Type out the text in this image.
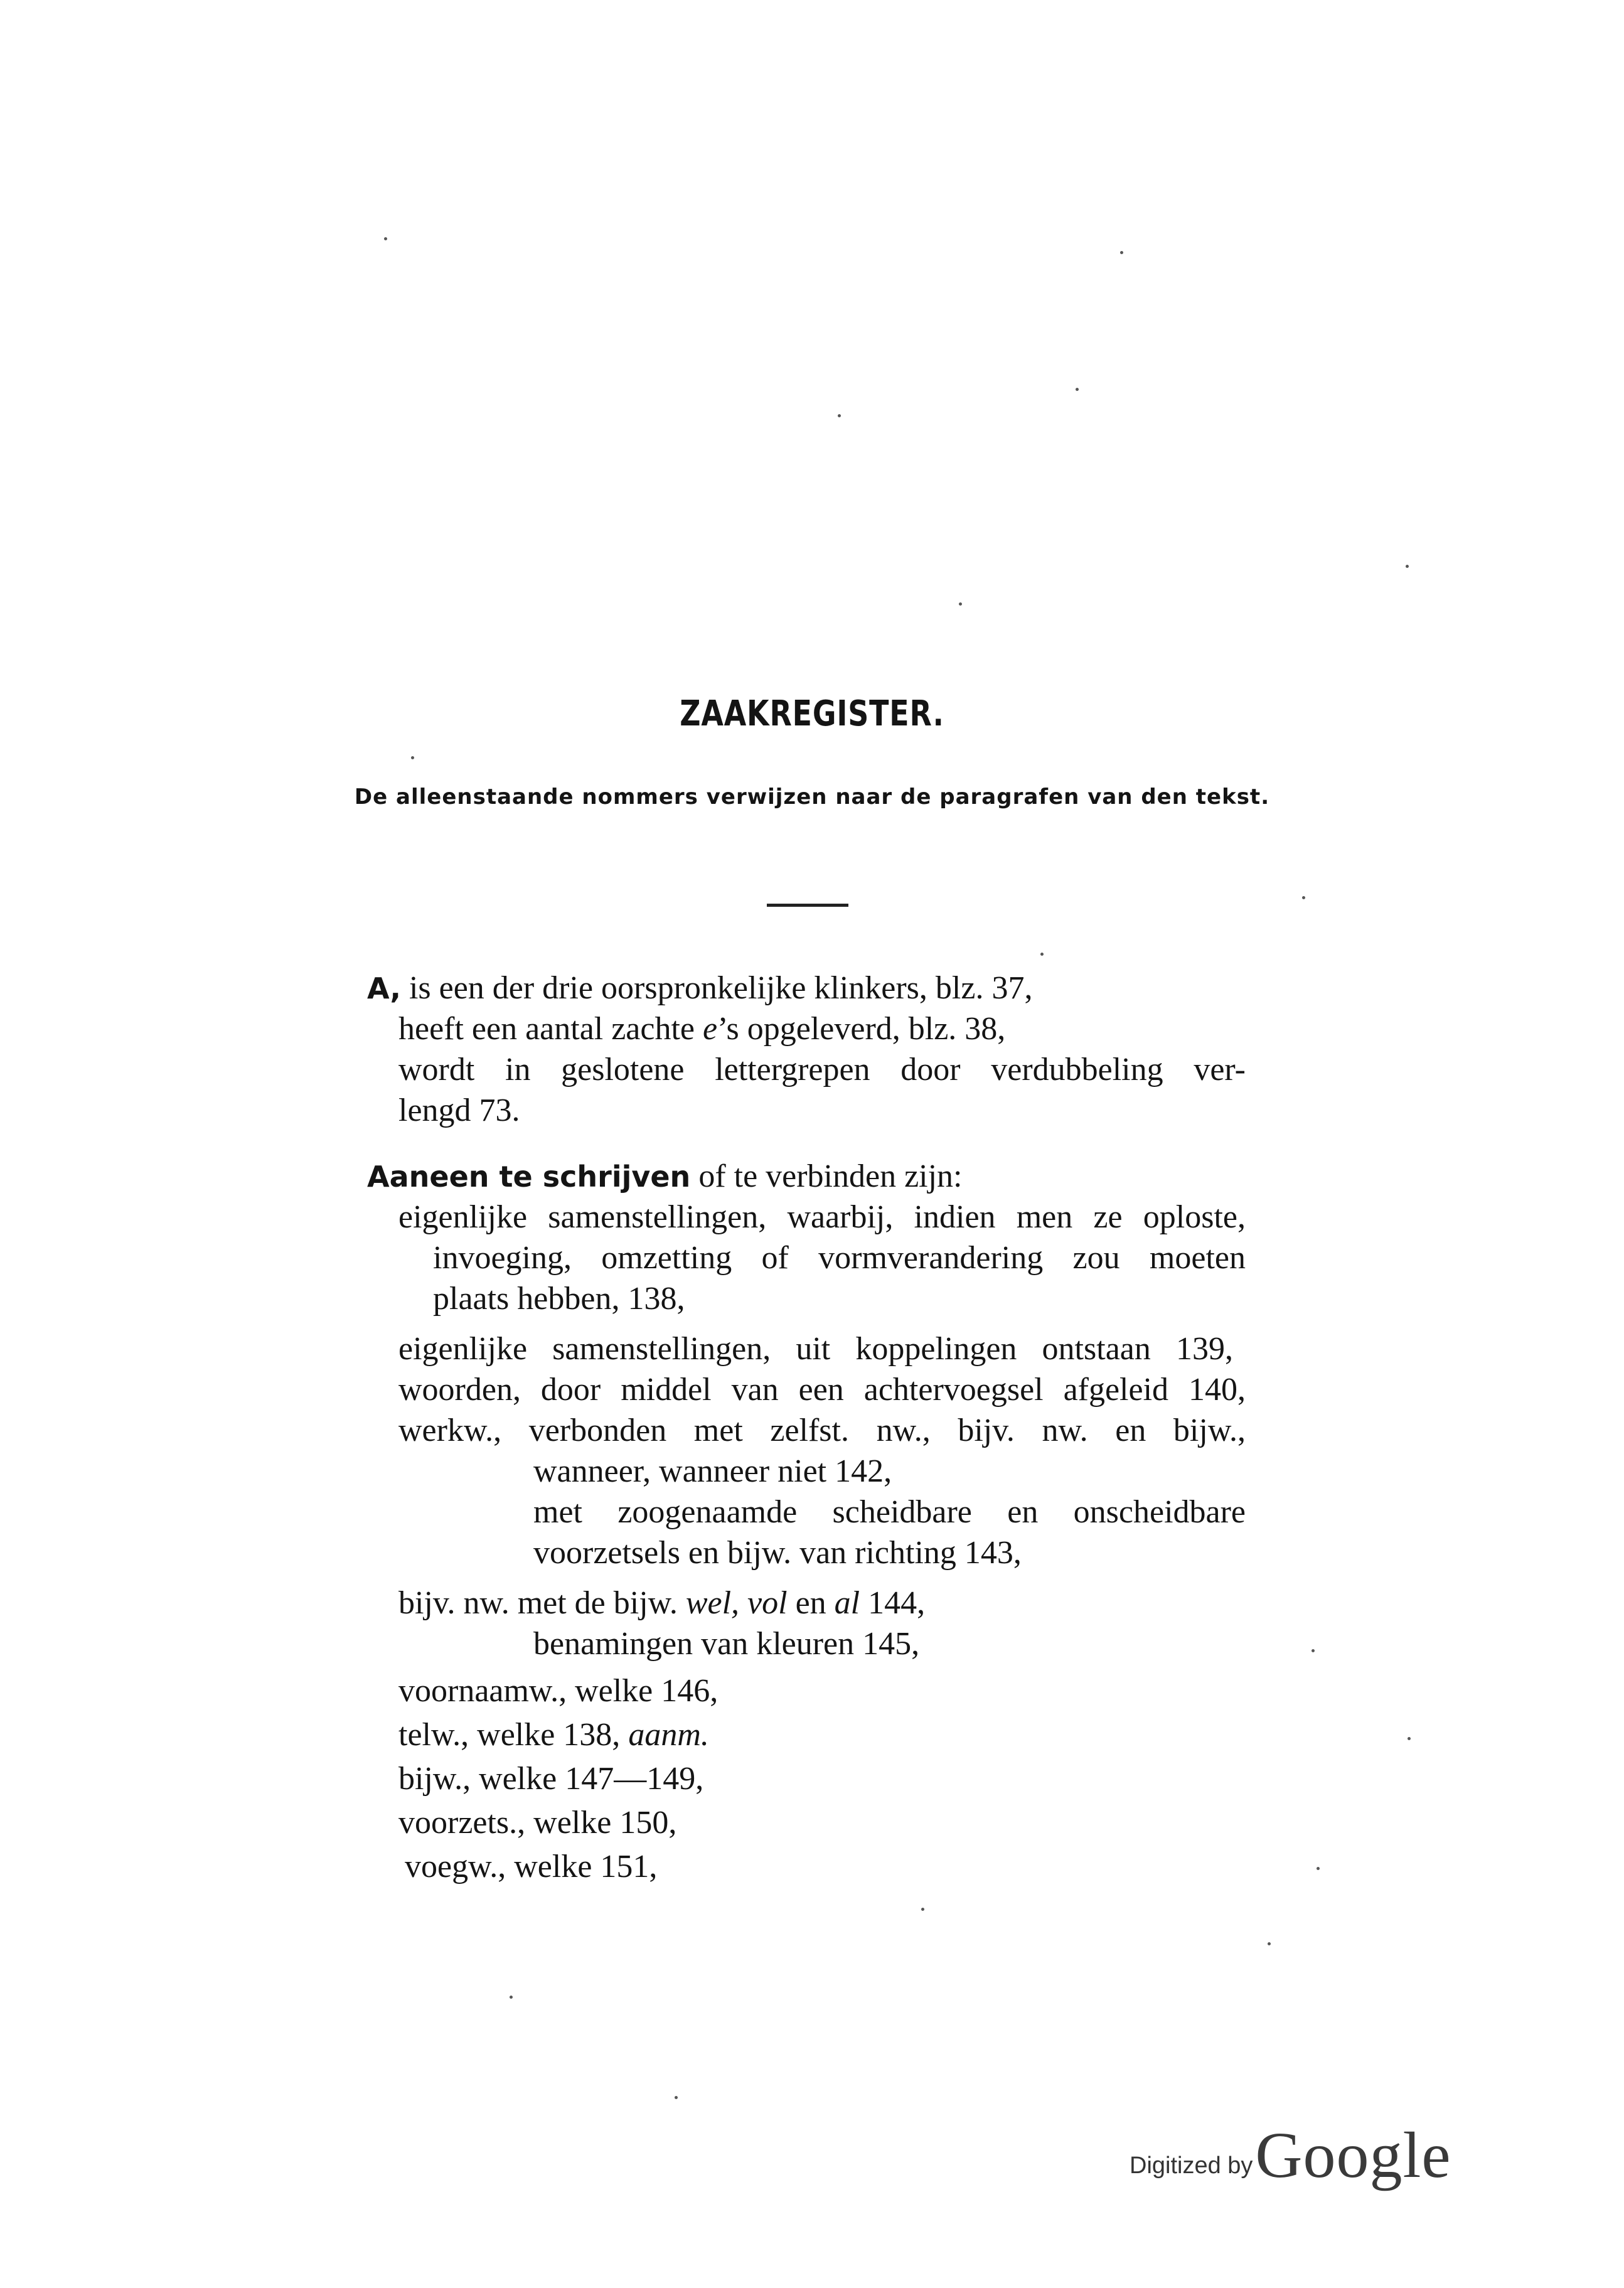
ZAAKREGISTER.
De alleenstaande nommers verwijzen naar de paragrafen van den tekst.
A, is een der drie oorspronkelijke klinkers, blz. 37,
heeft een aantal zachte e’s opgeleverd, blz. 38,
wordt in geslotene lettergrepen door verdubbeling ver-
lengd 73.
Aaneen te schrijven of te verbinden zijn:
eigenlijke samenstellingen, waarbij, indien men ze oploste,
invoeging, omzetting of vormverandering zou moeten
plaats hebben, 138,
eigenlijke samenstellingen, uit koppelingen ontstaan 139,
woorden, door middel van een achtervoegsel afgeleid 140,
werkw., verbonden met zelfst. nw., bijv. nw. en bijw.,
wanneer, wanneer niet 142,
met zoogenaamde scheidbare en onscheidbare
voorzetsels en bijw. van richting 143,
bijv. nw. met de bijw. wel, vol en al 144,
benamingen van kleuren 145,
voornaamw., welke 146,
telw., welke 138, aanm.
bijw., welke 147—149,
voorzets., welke 150,
voegw., welke 151,
Digitized by Google
